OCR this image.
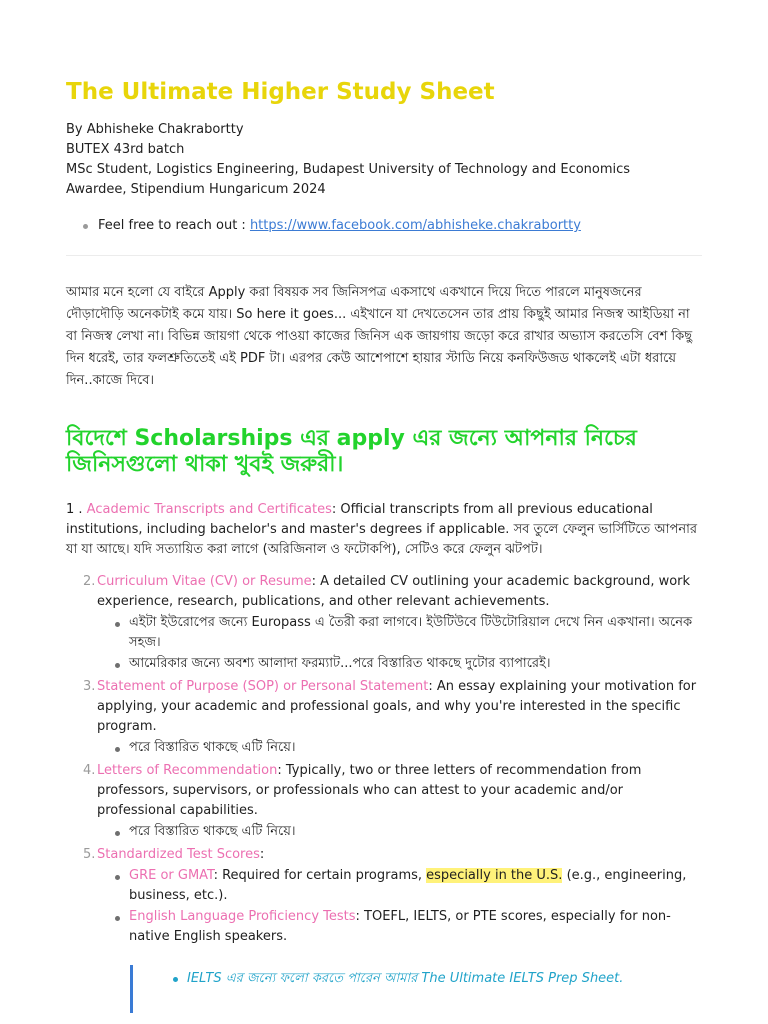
The Ultimate Higher Study Sheet
By Abhisheke Chakrabortty
BUTEX 43rd batch
MSc Student, Logistics Engineering, Budapest University of Technology and Economics
Awardee, Stipendium Hungaricum 2024
Feel free to reach out : https://www.facebook.com/abhisheke.chakrabortty

আমার মনে হলো যে বাইরে Apply করা বিষয়ক সব জিনিসপত্র একসাথে একখানে দিয়ে দিতে পারলে মানুষজনের দৌড়াদৌড়ি অনেকটাই কমে যায়। So here it goes... এইখানে যা দেখতেসেন তার প্রায় কিছুই আমার নিজস্ব আইডিয়া না বা নিজস্ব লেখা না। বিভিন্ন জায়গা থেকে পাওয়া কাজের জিনিস এক জায়গায় জড়ো করে রাখার অভ্যাস করতেসি বেশ কিছু দিন ধরেই, তার ফলশ্রুতিতেই এই PDF টা। এরপর কেউ আশেপাশে হায়ার স্টাডি নিয়ে কনফিউজড থাকলেই এটা ধরায়ে দিন..কাজে দিবে।

বিদেশে Scholarships এর apply এর জন্যে আপনার নিচের জিনিসগুলো থাকা খুবই জরুরী।
1 . Academic Transcripts and Certificates: Official transcripts from all previous educational institutions, including bachelor's and master's degrees if applicable. সব তুলে ফেলুন ভার্সিটিতে আপনার যা যা আছে। যদি সত্যায়িত করা লাগে (অরিজিনাল ও ফটোকপি), সেটিও করে ফেলুন ঝটপট।
2. Curriculum Vitae (CV) or Resume: A detailed CV outlining your academic background, work experience, research, publications, and other relevant achievements.
এইটা ইউরোপের জন্যে Europass এ তৈরী করা লাগবে। ইউটিউবে টিউটোরিয়াল দেখে নিন একখানা। অনেক সহজ।
আমেরিকার জন্যে অবশ্য আলাদা ফরম্যাট...পরে বিস্তারিত থাকছে দুটোর ব্যাপারেই।
3. Statement of Purpose (SOP) or Personal Statement: An essay explaining your motivation for applying, your academic and professional goals, and why you're interested in the specific program.
পরে বিস্তারিত থাকছে এটি নিয়ে।
4. Letters of Recommendation: Typically, two or three letters of recommendation from professors, supervisors, or professionals who can attest to your academic and/or professional capabilities.
পরে বিস্তারিত থাকছে এটি নিয়ে।
5. Standardized Test Scores:
GRE or GMAT: Required for certain programs, especially in the U.S. (e.g., engineering, business, etc.).
English Language Proficiency Tests: TOEFL, IELTS, or PTE scores, especially for non-native English speakers.
IELTS এর জন্যে ফলো করতে পারেন আমার The Ultimate IELTS Prep Sheet.
